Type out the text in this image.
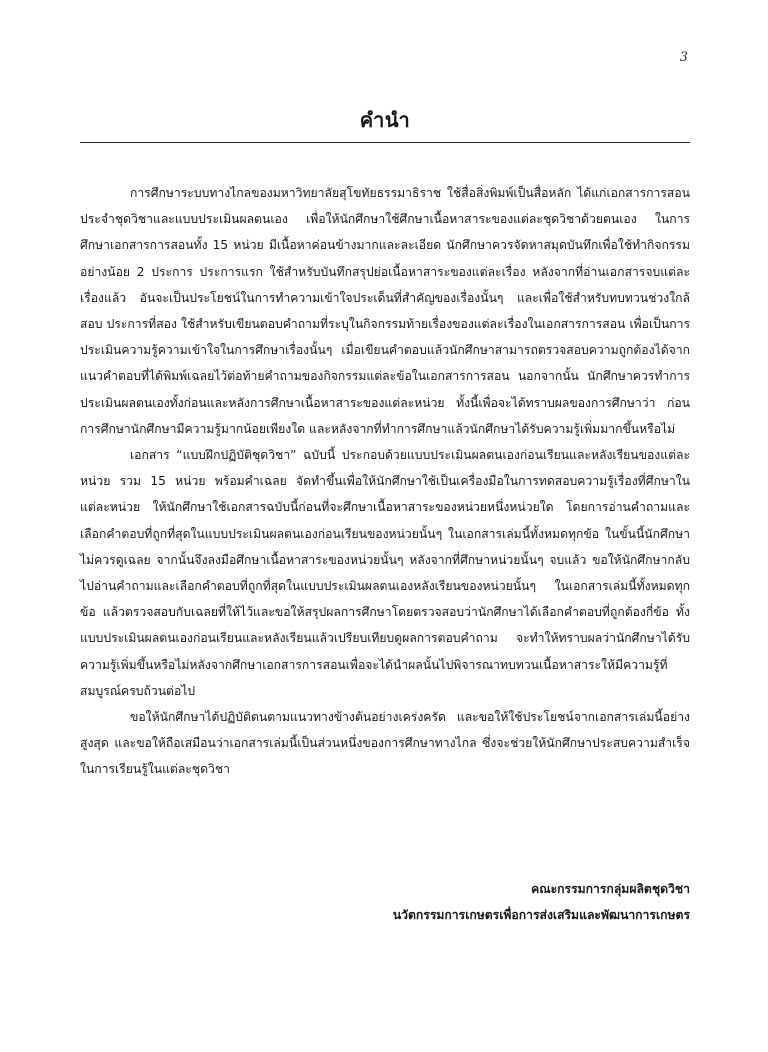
3
คำนำ

การศึกษาระบบทางไกลของมหาวิทยาลัยสุโขทัยธรรมาธิราช ใช้สื่อสิ่งพิมพ์เป็นสื่อหลัก ได้แก่เอกสารการสอนประจำชุดวิชาและแบบประเมินผลตนเอง เพื่อให้นักศึกษาใช้ศึกษาเนื้อหาสาระของแต่ละชุดวิชาด้วยตนเอง ในการศึกษาเอกสารการสอนทั้ง 15 หน่วย มีเนื้อหาค่อนข้างมากและละเอียด นักศึกษาควรจัดหาสมุดบันทึกเพื่อใช้ทำกิจกรรมอย่างน้อย 2 ประการ ประการแรก ใช้สำหรับบันทึกสรุปย่อเนื้อหาสาระของแต่ละเรื่อง หลังจากที่อ่านเอกสารจบแต่ละเรื่องแล้ว อันจะเป็นประโยชน์ในการทำความเข้าใจประเด็นที่สำคัญของเรื่องนั้นๆ และเพื่อใช้สำหรับทบทวนช่วงใกล้สอบ ประการที่สอง ใช้สำหรับเขียนตอบคำถามที่ระบุในกิจกรรมท้ายเรื่องของแต่ละเรื่องในเอกสารการสอน เพื่อเป็นการประเมินความรู้ความเข้าใจในการศึกษาเรื่องนั้นๆ เมื่อเขียนคำตอบแล้วนักศึกษาสามารถตรวจสอบความถูกต้องได้จากแนวคำตอบที่ได้พิมพ์เฉลยไว้ต่อท้ายคำถามของกิจกรรมแต่ละข้อในเอกสารการสอน นอกจากนั้น นักศึกษาควรทำการประเมินผลตนเองทั้งก่อนและหลังการศึกษาเนื้อหาสาระของแต่ละหน่วย ทั้งนี้เพื่อจะได้ทราบผลของการศึกษาว่า ก่อนการศึกษานักศึกษามีความรู้มากน้อยเพียงใด และหลังจากที่ทำการศึกษาแล้วนักศึกษาได้รับความรู้เพิ่มมากขึ้นหรือไม่

เอกสาร “แบบฝึกปฏิบัติชุดวิชา” ฉบับนี้ ประกอบด้วยแบบประเมินผลตนเองก่อนเรียนและหลังเรียนของแต่ละหน่วย รวม 15 หน่วย พร้อมคำเฉลย จัดทำขึ้นเพื่อให้นักศึกษาใช้เป็นเครื่องมือในการทดสอบความรู้เรื่องที่ศึกษาในแต่ละหน่วย ให้นักศึกษาใช้เอกสารฉบับนี้ก่อนที่จะศึกษาเนื้อหาสาระของหน่วยหนึ่งหน่วยใด โดยการอ่านคำถามและเลือกคำตอบที่ถูกที่สุดในแบบประเมินผลตนเองก่อนเรียนของหน่วยนั้นๆ ในเอกสารเล่มนี้ทั้งหมดทุกข้อ ในขั้นนี้นักศึกษาไม่ควรดูเฉลย จากนั้นจึงลงมือศึกษาเนื้อหาสาระของหน่วยนั้นๆ หลังจากที่ศึกษาหน่วยนั้นๆ จบแล้ว ขอให้นักศึกษากลับไปอ่านคำถามและเลือกคำตอบที่ถูกที่สุดในแบบประเมินผลตนเองหลังเรียนของหน่วยนั้นๆ ในเอกสารเล่มนี้ทั้งหมดทุกข้อ แล้วตรวจสอบกับเฉลยที่ให้ไว้และขอให้สรุปผลการศึกษาโดยตรวจสอบว่านักศึกษาได้เลือกคำตอบที่ถูกต้องกี่ข้อ ทั้งแบบประเมินผลตนเองก่อนเรียนและหลังเรียนแล้วเปรียบเทียบดูผลการตอบคำถาม จะทำให้ทราบผลว่านักศึกษาได้รับความรู้เพิ่มขึ้นหรือไม่หลังจากศึกษาเอกสารการสอนเพื่อจะได้นำผลนั้นไปพิจารณาทบทวนเนื้อหาสาระให้มีความรู้ที่สมบูรณ์ครบถ้วนต่อไป

ขอให้นักศึกษาได้ปฏิบัติตนตามแนวทางข้างต้นอย่างเคร่งครัด และขอให้ใช้ประโยชน์จากเอกสารเล่มนี้อย่างสูงสุด และขอให้ถือเสมือนว่าเอกสารเล่มนี้เป็นส่วนหนึ่งของการศึกษาทางไกล ซึ่งจะช่วยให้นักศึกษาประสบความสำเร็จในการเรียนรู้ในแต่ละชุดวิชา

คณะกรรมการกลุ่มผลิตชุดวิชา
นวัตกรรมการเกษตรเพื่อการส่งเสริมและพัฒนาการเกษตร
